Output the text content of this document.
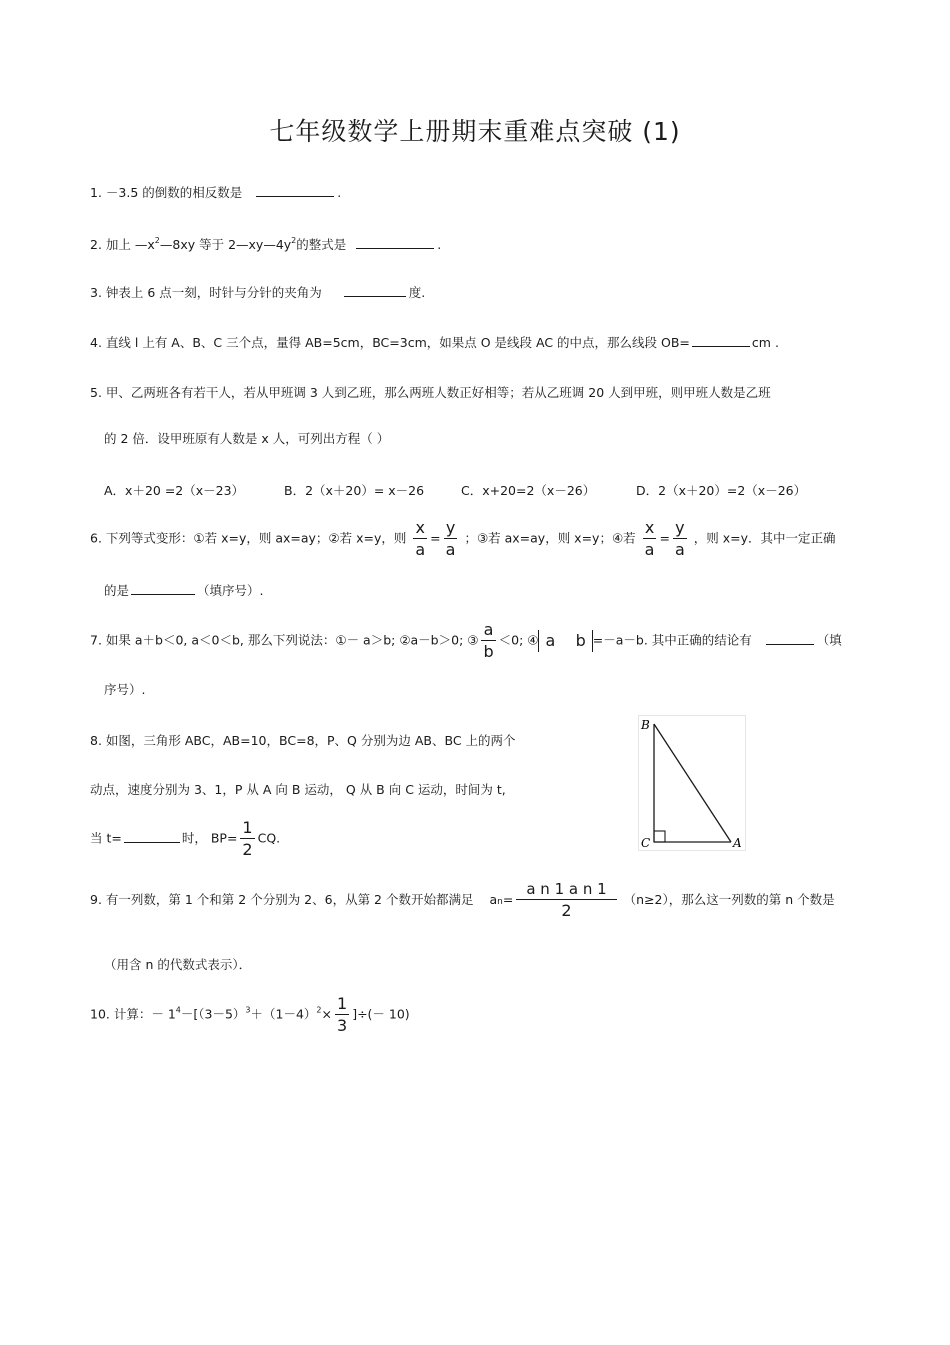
七年级数学上册期末重难点突破 (1)
1. －3.5 的倒数的相反数是	.
2. 加上 $—x^2—8xy$ 等于 $2—xy—4y^2$的整式是	.
3. 钟表上 6 点一刻，时针与分针的夹角为	度.
4. 直线 l 上有 A、B、C 三个点，量得 AB=5cm，BC=3cm，如果点 O 是线段 AC 的中点，那么线段 OB=	cm .
5. 甲、乙两班各有若干人，若从甲班调 3 人到乙班，那么两班人数正好相等；若从乙班调 20 人到甲班，则甲班人数是乙班
的 2 倍．设甲班原有人数是 x 人，可列出方程（ ）
A．x＋20 =2（x－23）	B．2（x＋20）= x－26	C．x+20=2（x－26）	D．2（x＋20）=2（x－26）
6. 下列等式变形：①若 x=y，则 ax=ay；②若 x=y，则 $\frac{x}{a} = \frac{y}{a}$ ；③若 ax=ay，则 x=y；④若 $\frac{x}{a} = \frac{y}{a}$ ，则 x=y．其中一定正确
的是	（填序号）.
7. 如果 a＋b＜0, a＜0＜b, 那么下列说法：①－ a＞b; ②a－b＞0; ③ $\frac{a}{b} <0$; ④ a b =－a－b. 其中正确的结论有	（填
序号）.
8. 如图，三角形 ABC，AB=10，BC=8，P、Q 分别为边 AB、BC 上的两个
动点，速度分别为 3、1，P 从 A 向 B 运动， Q 从 B 向 C 运动，时间为 t,
当 t=	时， $BP= \frac{1}{2}$ CQ.
B
C	A
9. 有一列数，第 1 个和第 2 个分别为 2、6，从第 2 个数开始都满足 $an= \frac{\text{a n 1 a n 1}}{2} (n\ge 2)$，那么这一列数的第 n 个数是
（用含 n 的代数式表示）．
10. 计算：－ $1^4-[(3-5)^3+(1-4)^2\times \frac{1}{3}$ ]÷(－ 10)
